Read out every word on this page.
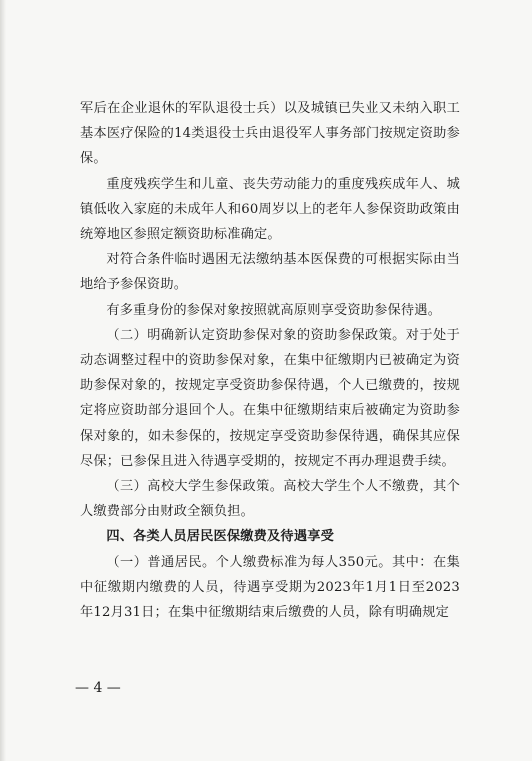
军后在企业退休的军队退役士兵）以及城镇已失业又未纳入职工基本医疗保险的14类退役士兵由退役军人事务部门按规定资助参保。

重度残疾学生和儿童、丧失劳动能力的重度残疾成年人、城镇低收入家庭的未成年人和60周岁以上的老年人参保资助政策由统筹地区参照定额资助标准确定。

对符合条件临时遇困无法缴纳基本医保费的可根据实际由当地给予参保资助。

有多重身份的参保对象按照就高原则享受资助参保待遇。

（二）明确新认定资助参保对象的资助参保政策。对于处于动态调整过程中的资助参保对象，在集中征缴期内已被确定为资助参保对象的，按规定享受资助参保待遇，个人已缴费的，按规定将应资助部分退回个人。在集中征缴期结束后被确定为资助参保对象的，如未参保的，按规定享受资助参保待遇，确保其应保尽保；已参保且进入待遇享受期的，按规定不再办理退费手续。

（三）高校大学生参保政策。高校大学生个人不缴费，其个人缴费部分由财政全额负担。

四、各类人员居民医保缴费及待遇享受

（一）普通居民。个人缴费标准为每人350元。其中：在集中征缴期内缴费的人员，待遇享受期为2023年1月1日至2023年12月31日；在集中征缴期结束后缴费的人员，除有明确规定

— 4 —
